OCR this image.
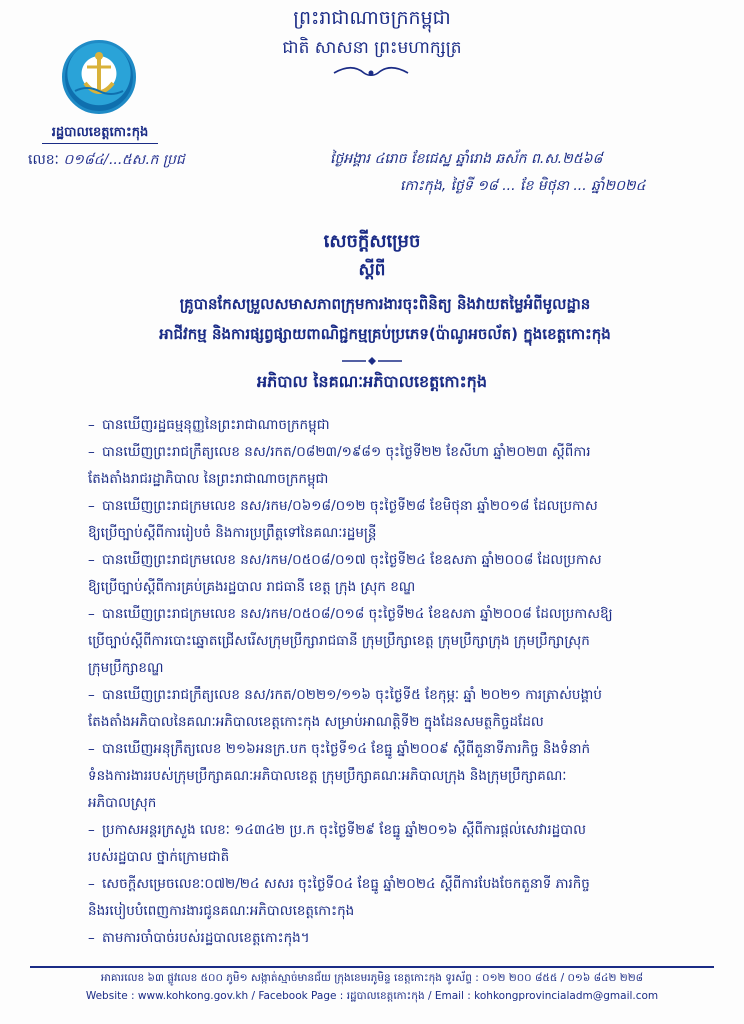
ព្រះរាជាណាចក្រកម្ពុជា
ជាតិ សាសនា ព្រះមហាក្សត្រ
រដ្ឋបាលខេត្តកោះកុង
លេខៈ ០១៨៤/...៥ស.ក ប្រជ	ថ្ងៃអង្គារ ៤រោច ខែជេស្ឋ ឆ្នាំរោង ឆស័ក ព.ស.២៥៦៨
កោះកុង, ថ្ងៃទី ១៨ ... ខែ មិថុនា ... ឆ្នាំ២០២៤
សេចក្តីសម្រេច
ស្តីពី
គ្រូបានកែសម្រួលសមាសភាពក្រុមការងារចុះពិនិត្យ និងវាយតម្លៃអំពីមូលដ្ឋាន
អាជីវកម្ម និងការផ្សព្វផ្សាយពាណិជ្ជកម្មគ្រប់ប្រភេទ(ប៉ាណូអចល័ត) ក្នុងខេត្តកោះកុង
អភិបាល នៃគណៈអភិបាលខេត្តកោះកុង
– បានឃើញរដ្ឋធម្មនុញ្ញនៃព្រះរាជាណាចក្រកម្ពុជា
– បានឃើញព្រះរាជក្រឹត្យលេខ នស/រកត/០៨២៣/១៩៨១ ចុះថ្ងៃទី២២ ខែសីហា ឆ្នាំ២០២៣ ស្តីពីការ
តែងតាំងរាជរដ្ឋាភិបាល នៃព្រះរាជាណាចក្រកម្ពុជា
– បានឃើញព្រះរាជក្រមលេខ នស/រកម/០៦១៨/០១២ ចុះថ្ងៃទី២៨ ខែមិថុនា ឆ្នាំ២០១៨ ដែលប្រកាស
ឱ្យប្រើច្បាប់ស្តីពីការរៀបចំ និងការប្រព្រឹត្តទៅនៃគណៈរដ្ឋមន្ត្រី
– បានឃើញព្រះរាជក្រមលេខ នស/រកម/០៥០៨/០១៧ ចុះថ្ងៃទី២៤ ខែឧសភា ឆ្នាំ២០០៨ ដែលប្រកាស
ឱ្យប្រើច្បាប់ស្តីពីការគ្រប់គ្រងរដ្ឋបាល រាជធានី ខេត្ត ក្រុង ស្រុក ខណ្ឌ
– បានឃើញព្រះរាជក្រមលេខ នស/រកម/០៥០៨/០១៨ ចុះថ្ងៃទី២៤ ខែឧសភា ឆ្នាំ២០០៨ ដែលប្រកាសឱ្យ
ប្រើច្បាប់ស្តីពីការបោះឆ្នោតជ្រើសរើសក្រុមប្រឹក្សារាជធានី ក្រុមប្រឹក្សាខេត្ត ក្រុមប្រឹក្សាក្រុង ក្រុមប្រឹក្សាស្រុក
ក្រុមប្រឹក្សាខណ្ឌ
– បានឃើញព្រះរាជក្រឹត្យលេខ នស/រកត/០២២១/១១៦ ចុះថ្ងៃទី៥ ខែកុម្ភៈ ឆ្នាំ ២០២១ ការត្រាស់បង្គាប់
តែងតាំងអភិបាលនៃគណៈអភិបាលខេត្តកោះកុង សម្រាប់អាណត្តិទី២ ក្នុងដែនសមត្ថកិច្ចដដែល
– បានឃើញអនុក្រឹត្យលេខ ២១៦អនក្រ.បក ចុះថ្ងៃទី១៤ ខែធ្នូ ឆ្នាំ២០០៩ ស្តីពីតួនាទីភារកិច្ច និងទំនាក់
ទំនងការងាររបស់ក្រុមប្រឹក្សាគណៈអភិបាលខេត្ត ក្រុមប្រឹក្សាគណៈអភិបាលក្រុង និងក្រុមប្រឹក្សាគណៈ
អភិបាលស្រុក
– ប្រកាសអន្តរក្រសួង លេខៈ ១៤៣៤២ ប្រ.ក ចុះថ្ងៃទី២៩ ខែធ្នូ ឆ្នាំ២០១៦ ស្តីពីការផ្តល់សេវារដ្ឋបាល
របស់រដ្ឋបាល ថ្នាក់ក្រោមជាតិ
– សេចក្តីសម្រេចលេខៈ០៧២/២៤ សសរ ចុះថ្ងៃទី០៤ ខែធ្នូ ឆ្នាំ២០២៤ ស្តីពីការបែងចែកតួនាទី ភារកិច្ច
និងរបៀបបំពេញការងារជូនគណៈអភិបាលខេត្តកោះកុង
– តាមការចាំបាច់របស់រដ្ឋបាលខេត្តកោះកុង។
អាគារលេខ ៦៣ ផ្លូវលេខ ៥០០ ភូមិ១ សង្កាត់ស្មាច់មានជ័យ ក្រុងខេមរភូមិន្ទ ខេត្តកោះកុង ទូរស័ព្ទ : ០១២ ២០០ ៨៥៥ / ០១៦ ៨៤២ ២២៨
Website : www.kohkong.gov.kh / Facebook Page : រដ្ឋបាលខេត្តកោះកុង / Email : kohkongprovincialadm@gmail.com
